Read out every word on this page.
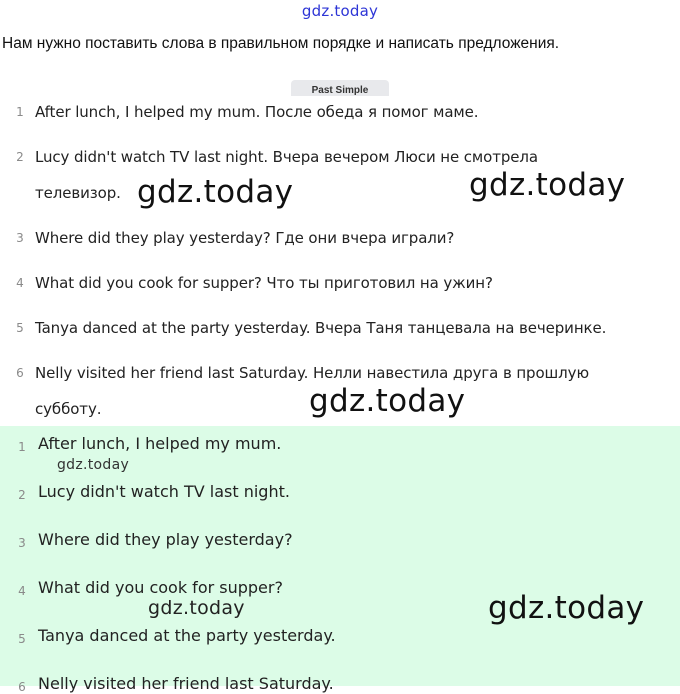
gdz.today
Нам нужно поставить слова в правильном порядке и написать предложения.
Past Simple
1 After lunch, I helped my mum. После обеда я помог маме.
2 Lucy didn't watch TV last night. Вчера вечером Люси не смотрела телевизор.
3 Where did they play yesterday? Где они вчера играли?
4 What did you cook for supper? Что ты приготовил на ужин?
5 Tanya danced at the party yesterday. Вчера Таня танцевала на вечеринке.
6 Nelly visited her friend last Saturday. Нелли навестила друга в прошлую субботу.
1 After lunch, I helped my mum.
2 Lucy didn't watch TV last night.
3 Where did they play yesterday?
4 What did you cook for supper?
5 Tanya danced at the party yesterday.
6 Nelly visited her friend last Saturday.
gdz.today	gdz.today
gdz.today
gdz.today
gdz.today	gdz.today
